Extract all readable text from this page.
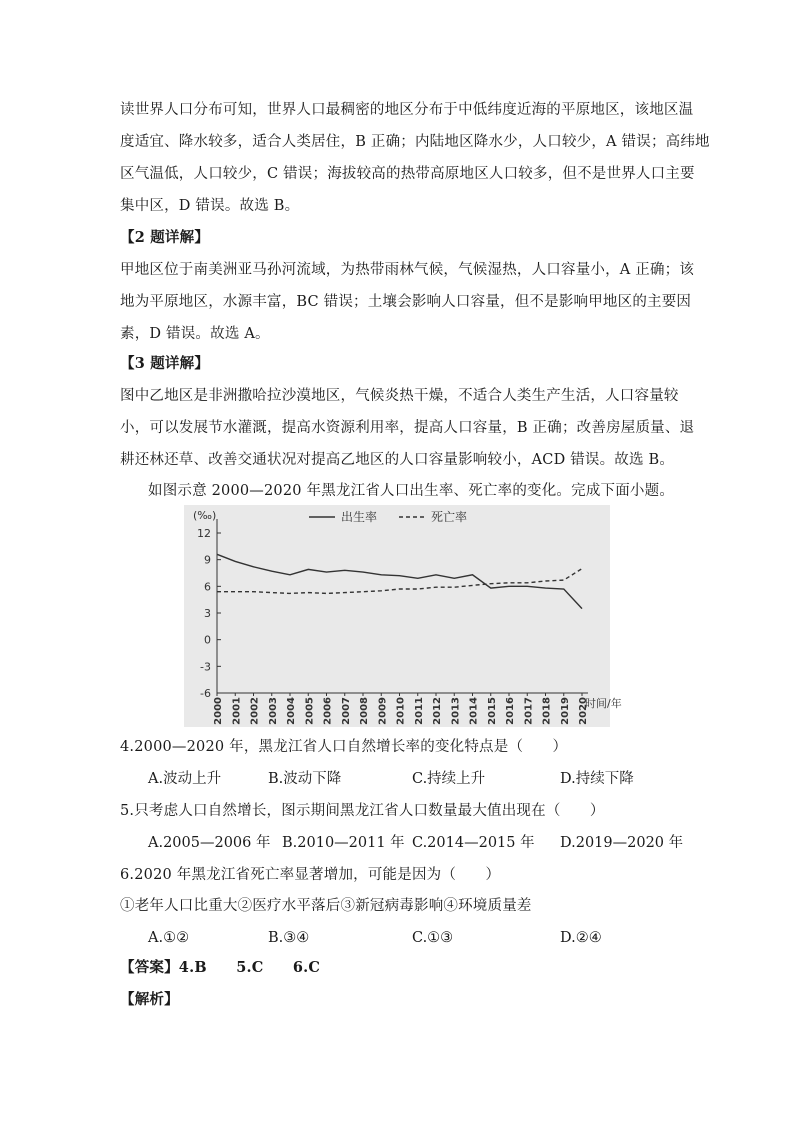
读世界人口分布可知，世界人口最稠密的地区分布于中低纬度近海的平原地区，该地区温
度适宜、降水较多，适合人类居住，B 正确；内陆地区降水少，人口较少，A 错误；高纬地
区气温低，人口较少，C 错误；海拔较高的热带高原地区人口较多，但不是世界人口主要
集中区，D 错误。故选 B。
【2 题详解】
甲地区位于南美洲亚马孙河流域，为热带雨林气候，气候湿热，人口容量小，A 正确；该
地为平原地区，水源丰富，BC 错误；土壤会影响人口容量，但不是影响甲地区的主要因
素，D 错误。故选 A。
【3 题详解】
图中乙地区是非洲撒哈拉沙漠地区，气候炎热干燥，不适合人类生产生活，人口容量较
小，可以发展节水灌溉，提高水资源利用率，提高人口容量，B 正确；改善房屋质量、退
耕还林还草、改善交通状况对提高乙地区的人口容量影响较小，ACD 错误。故选 B。
如图示意 2000—2020 年黑龙江省人口出生率、死亡率的变化。完成下面小题。
(‰)
12
9
6
3
0
-3
-6
2000 2001 2002 2003 2004 2005 2006 2007 2008 2009 2010 2011 2012 2013 2014 2015 2016 2017 2018 2019 2020
时间/年
出生率	死亡率
4.2000—2020 年，黑龙江省人口自然增长率的变化特点是（　　）
A.波动上升	B.波动下降	C.持续上升	D.持续下降
5.只考虑人口自然增长，图示期间黑龙江省人口数量最大值出现在（　　）
A.2005—2006 年 B.2010—2011 年 C.2014—2015 年 D.2019—2020 年
6.2020 年黑龙江省死亡率显著增加，可能是因为（　　）
①老年人口比重大②医疗水平落后③新冠病毒影响④环境质量差
A.①②	B.③④	C.①③	D.②④
【答案】4.B　　5.C　　6.C
【解析】
